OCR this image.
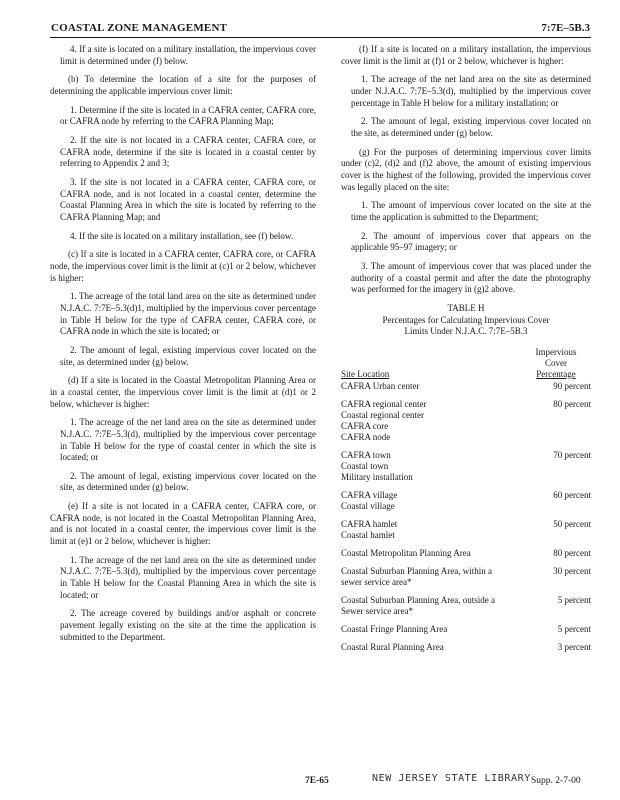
COASTAL ZONE MANAGEMENT	7:7E–5B.3

4. If a site is located on a military installation, the impervious cover limit is determined under (f) below.

(b) To determine the location of a site for the purposes of determining the applicable impervious cover limit:

1. Determine if the site is located in a CAFRA center, CAFRA core, or CAFRA node by referring to the CAFRA Planning Map;

2. If the site is not located in a CAFRA center, CAFRA core, or CAFRA node, determine if the site is located in a coastal center by referring to Appendix 2 and 3;

3. If the site is not located in a CAFRA center, CAFRA core, or CAFRA node, and is not located in a coastal center, determine the Coastal Planning Area in which the site is located by referring to the CAFRA Planning Map; and

4. If the site is located on a military installation, see (f) below.

(c) If a site is located in a CAFRA center, CAFRA core, or CAFRA node, the impervious cover limit is the limit at (c)1 or 2 below, whichever is higher:

1. The acreage of the total land area on the site as determined under N.J.A.C. 7:7E–5.3(d)1, multiplied by the impervious cover percentage in Table H below for the type of CAFRA center, CAFRA core, or CAFRA node in which the site is located; or

2. The amount of legal, existing impervious cover located on the site, as determined under (g) below.

(d) If a site is located in the Coastal Metropolitan Planning Area or in a coastal center, the impervious cover limit is the limit at (d)1 or 2 below, whichever is higher:

1. The acreage of the net land area on the site as determined under N.J.A.C. 7:7E–5.3(d), multiplied by the impervious cover percentage in Table H below for the type of coastal center in which the site is located; or

2. The amount of legal, existing impervious cover located on the site, as determined under (g) below.

(e) If a site is not located in a CAFRA center, CAFRA core, or CAFRA node, is not located in the Coastal Metropolitan Planning Area, and is not located in a coastal center, the impervious cover limit is the limit at (e)1 or 2 below, whichever is higher:

1. The acreage of the net land area on the site as determined under N.J.A.C. 7:7E–5.3(d), multiplied by the impervious cover percentage in Table H below for the Coastal Planning Area in which the site is located; or

2. The acreage covered by buildings and/or asphalt or concrete pavement legally existing on the site at the time the application is submitted to the Department.

(f) If a site is located on a military installation, the impervious cover limit is the limit at (f)1 or 2 below, whichever is higher:

1. The acreage of the net land area on the site as determined under N.J.A.C. 7:7E–5.3(d), multiplied by the impervious cover percentage in Table H below for a military installation; or

2. The amount of legal, existing impervious cover located on the site, as determined under (g) below.

(g) For the purposes of determining impervious cover limits under (c)2, (d)2 and (f)2 above, the amount of existing impervious cover is the highest of the following, provided the impervious cover was legally placed on the site:

1. The amount of impervious cover located on the site at the time the application is submitted to the Department;

2. The amount of impervious cover that appears on the applicable 95–97 imagery; or

3. The amount of impervious cover that was placed under the authority of a coastal permit and after the date the photography was performed for the imagery in (g)2 above.

TABLE H
Percentages for Calculating Impervious Cover
Limits Under N.J.A.C. 7:7E–5B.3
Site Location	Impervious
Cover
Percentage

CAFRA Urban center	90 percent
CAFRA regional center
Coastal regional center
CAFRA core
CAFRA node	80 percent
CAFRA town
Coastal town
Military installation	70 percent
CAFRA village
Coastal village	60 percent
CAFRA hamlet
Coastal hamlet	50 percent
Coastal Metropolitan Planning Area	80 percent
Coastal Suburban Planning Area, within a sewer service area*	30 percent
Coastal Suburban Planning Area, outside a Sewer service area*	5 percent
Coastal Fringe Planning Area	5 percent
Coastal Rural Planning Area	3 percent
7E-65	NEW JERSEY STATE LIBRARY Supp. 2-7-00
